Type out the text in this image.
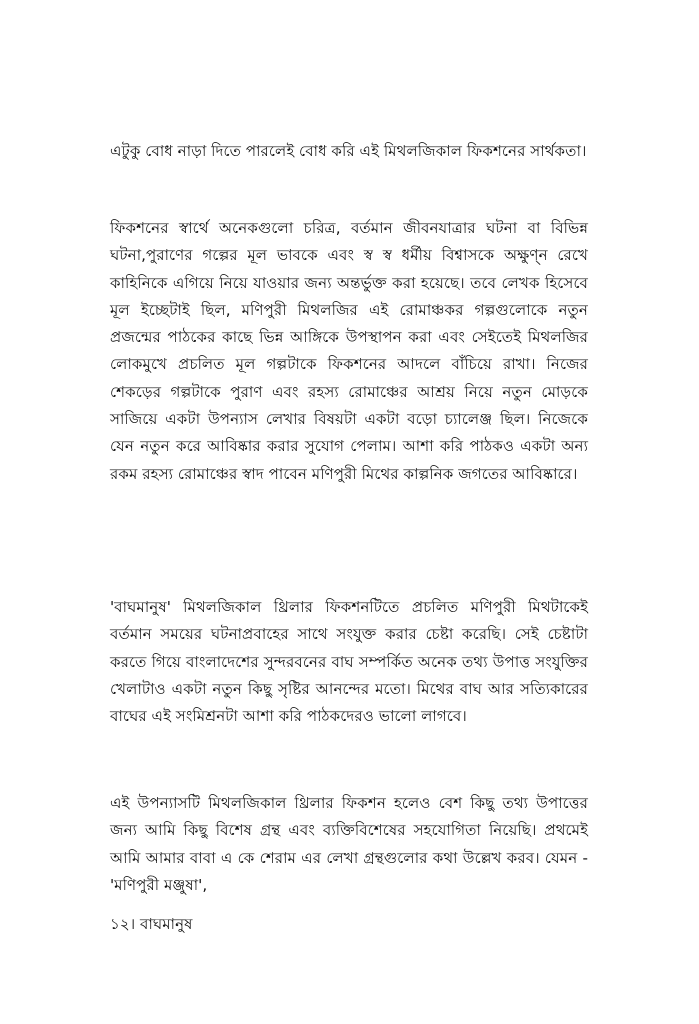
এটুকু বোধ নাড়া দিতে পারলেই বোধ করি এই মিথলজিকাল ফিকশনের সার্থকতা।

ফিকশনের স্বার্থে অনেকগুলো চরিত্র, বর্তমান জীবনযাত্রার ঘটনা বা বিভিন্ন ঘটনা,পুরাণের গল্পের মূল ভাবকে এবং স্ব স্ব ধর্মীয় বিশ্বাসকে অক্ষুণ্ন রেখে কাহিনিকে এগিয়ে নিয়ে যাওয়ার জন্য অন্তর্ভুক্ত করা হয়েছে। তবে লেখক হিসেবে মূল ইচ্ছেটাই ছিল, মণিপুরী মিথলজির এই রোমাঞ্চকর গল্পগুলোকে নতুন প্রজন্মের পাঠকের কাছে ভিন্ন আঙ্গিকে উপস্থাপন করা এবং সেইতেই মিথলজির লোকমুখে প্রচলিত মূল গল্পটাকে ফিকশনের আদলে বাঁচিয়ে রাখা। নিজের শেকড়ের গল্পটাকে পুরাণ এবং রহস্য রোমাঞ্চের আশ্রয় নিয়ে নতুন মোড়কে সাজিয়ে একটা উপন্যাস লেখার বিষয়টা একটা বড়ো চ্যালেঞ্জ ছিল। নিজেকে যেন নতুন করে আবিষ্কার করার সুযোগ পেলাম। আশা করি পাঠকও একটা অন্য রকম রহস্য রোমাঞ্চের স্বাদ পাবেন মণিপুরী মিথের কাল্পনিক জগতের আবিষ্কারে।

'বাঘমানুষ' মিথলজিকাল থ্রিলার ফিকশনটিতে প্রচলিত মণিপুরী মিথটাকেই বর্তমান সময়ের ঘটনাপ্রবাহের সাথে সংযুক্ত করার চেষ্টা করেছি। সেই চেষ্টাটা করতে গিয়ে বাংলাদেশের সুন্দরবনের বাঘ সম্পর্কিত অনেক তথ্য উপাত্ত সংযুক্তির খেলাটাও একটা নতুন কিছু সৃষ্টির আনন্দের মতো। মিথের বাঘ আর সত্যিকারের বাঘের এই সংমিশ্রনটা আশা করি পাঠকদেরও ভালো লাগবে।

এই উপন্যাসটি মিথলজিকাল থ্রিলার ফিকশন হলেও বেশ কিছু তথ্য উপাত্তের জন্য আমি কিছু বিশেষ গ্রন্থ এবং ব্যক্তিবিশেষের সহযোগিতা নিয়েছি। প্রথমেই আমি আমার বাবা এ কে শেরাম এর লেখা গ্রন্থগুলোর কথা উল্লেখ করব। যেমন - 'মণিপুরী মঞ্জুষা',

১২। বাঘমানুষ
